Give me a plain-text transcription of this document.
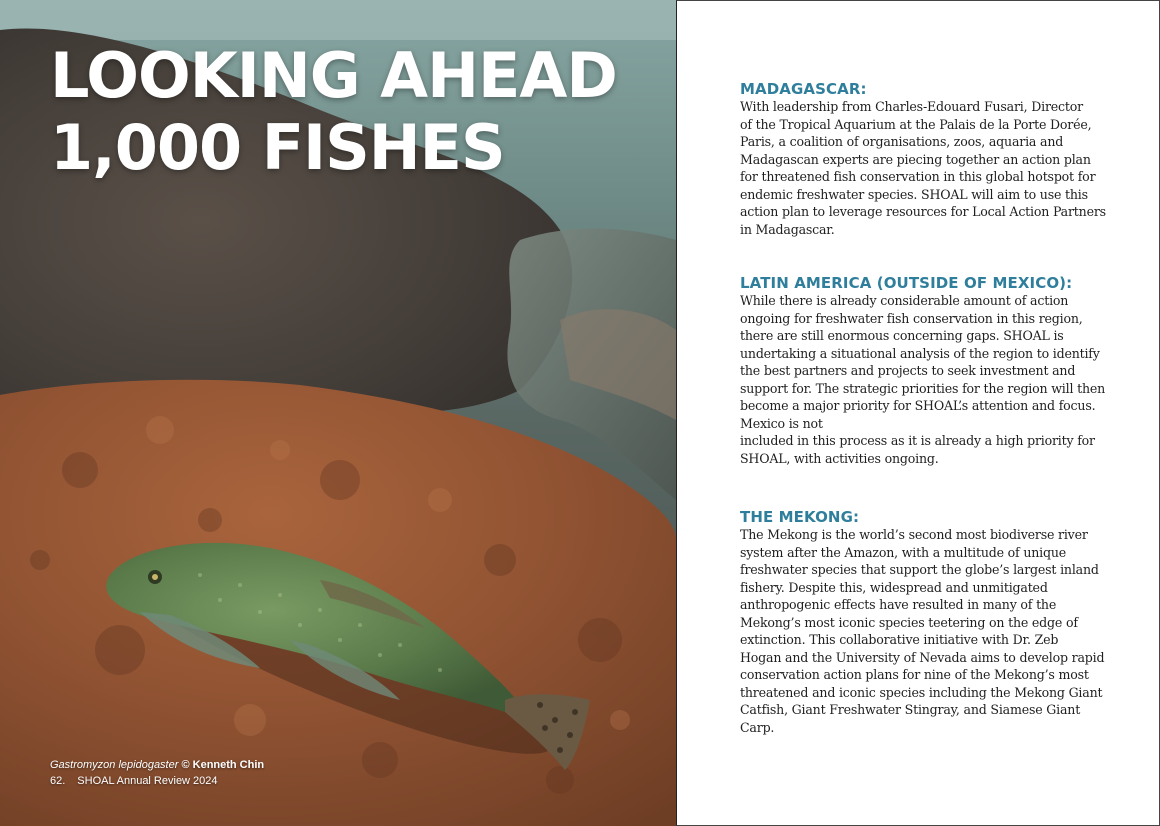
LOOKING AHEAD
1,000 FISHES
Gastromyzon lepidogaster © Kenneth Chin
62. SHOAL Annual Review 2024
MADAGASCAR:

With leadership from Charles-Edouard Fusari, Director
of the Tropical Aquarium at the Palais de la Porte Dorée,
Paris, a coalition of organisations, zoos, aquaria and
Madagascan experts are piecing together an action plan
for threatened fish conservation in this global hotspot for
endemic freshwater species. SHOAL will aim to use this
action plan to leverage resources for Local Action Partners
in Madagascar.

LATIN AMERICA (OUTSIDE OF MEXICO):

While there is already considerable amount of action
ongoing for freshwater fish conservation in this region,
there are still enormous concerning gaps. SHOAL is
undertaking a situational analysis of the region to identify
the best partners and projects to seek investment and
support for. The strategic priorities for the region will then
become a major priority for SHOAL’s attention and focus.
Mexico is not
included in this process as it is already a high priority for
SHOAL, with activities ongoing.

THE MEKONG:

The Mekong is the world’s second most biodiverse river
system after the Amazon, with a multitude of unique
freshwater species that support the globe’s largest inland
fishery. Despite this, widespread and unmitigated
anthropogenic effects have resulted in many of the
Mekong’s most iconic species teetering on the edge of
extinction. This collaborative initiative with Dr. Zeb
Hogan and the University of Nevada aims to develop rapid
conservation action plans for nine of the Mekong’s most
threatened and iconic species including the Mekong Giant
Catfish, Giant Freshwater Stingray, and Siamese Giant
Carp.
